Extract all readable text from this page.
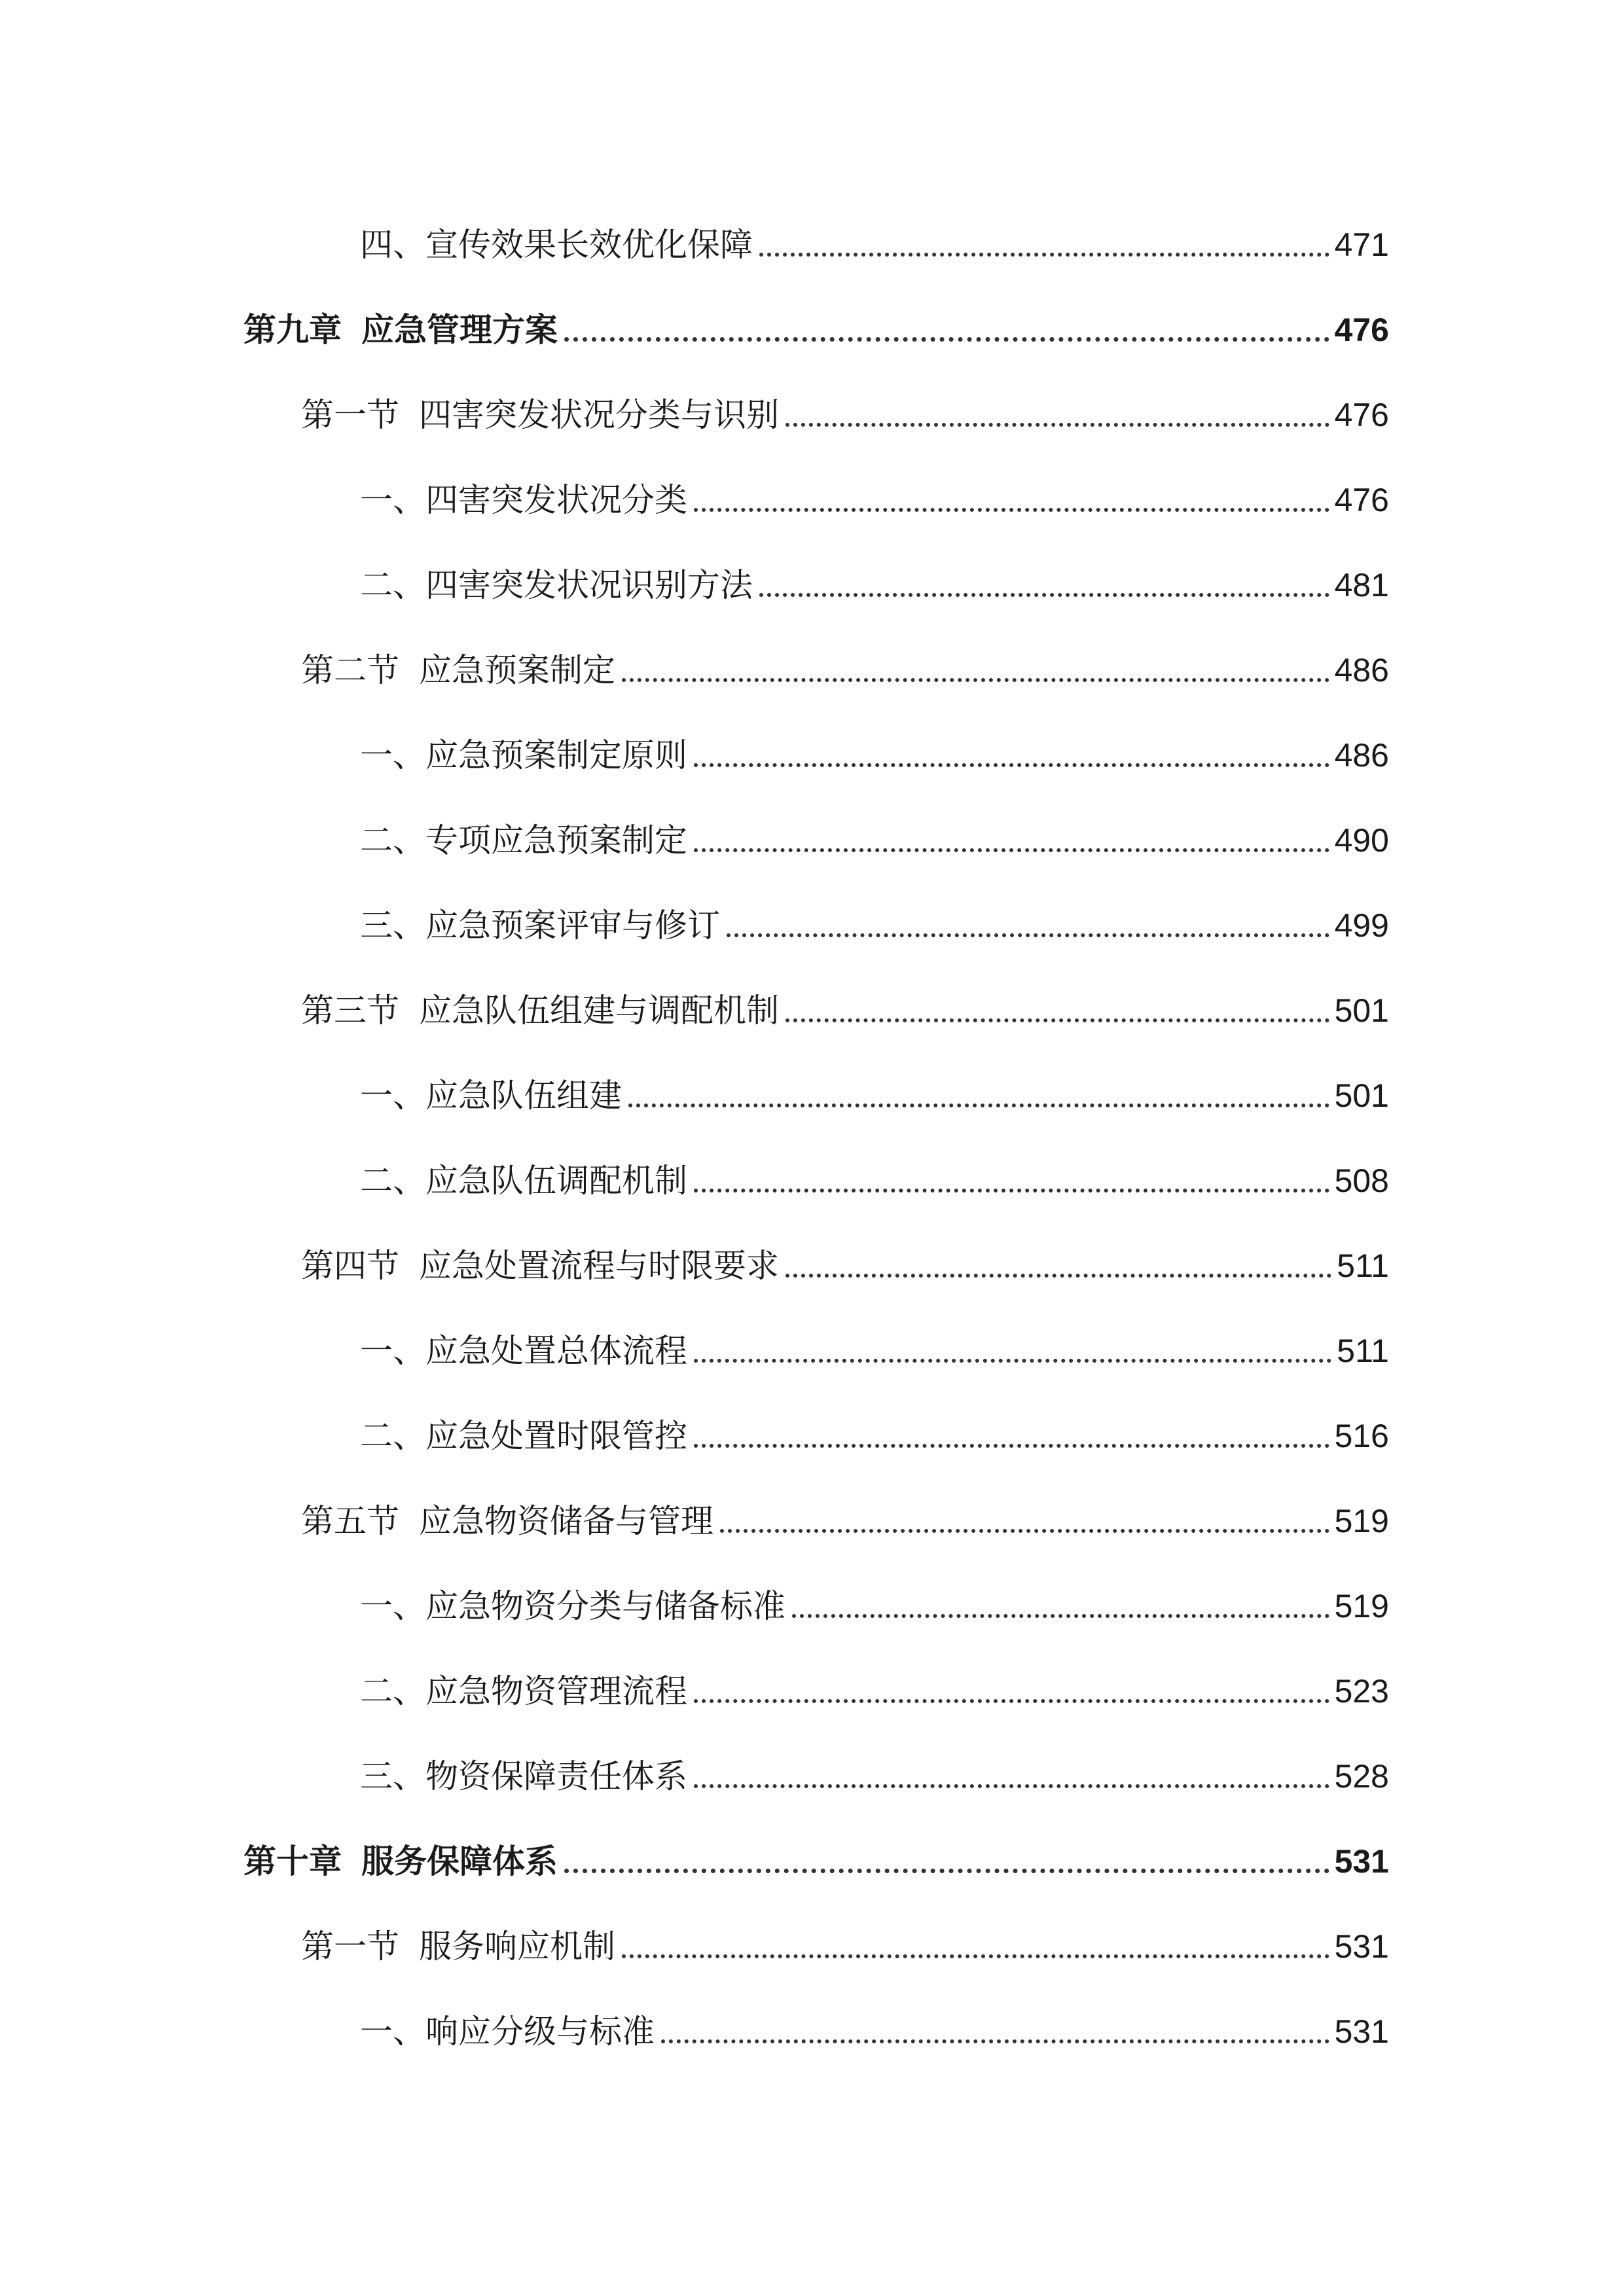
四、宣传效果长效优化保障	471
第九章 应急管理方案	476
第一节 四害突发状况分类与识别	476
一、四害突发状况分类	476
二、四害突发状况识别方法	481
第二节 应急预案制定	486
一、应急预案制定原则	486
二、专项应急预案制定	490
三、应急预案评审与修订	499
第三节 应急队伍组建与调配机制	501
一、应急队伍组建	501
二、应急队伍调配机制	508
第四节 应急处置流程与时限要求	511
一、应急处置总体流程	511
二、应急处置时限管控	516
第五节 应急物资储备与管理	519
一、应急物资分类与储备标准	519
二、应急物资管理流程	523
三、物资保障责任体系	528
第十章 服务保障体系	531
第一节 服务响应机制	531
一、响应分级与标准	531
